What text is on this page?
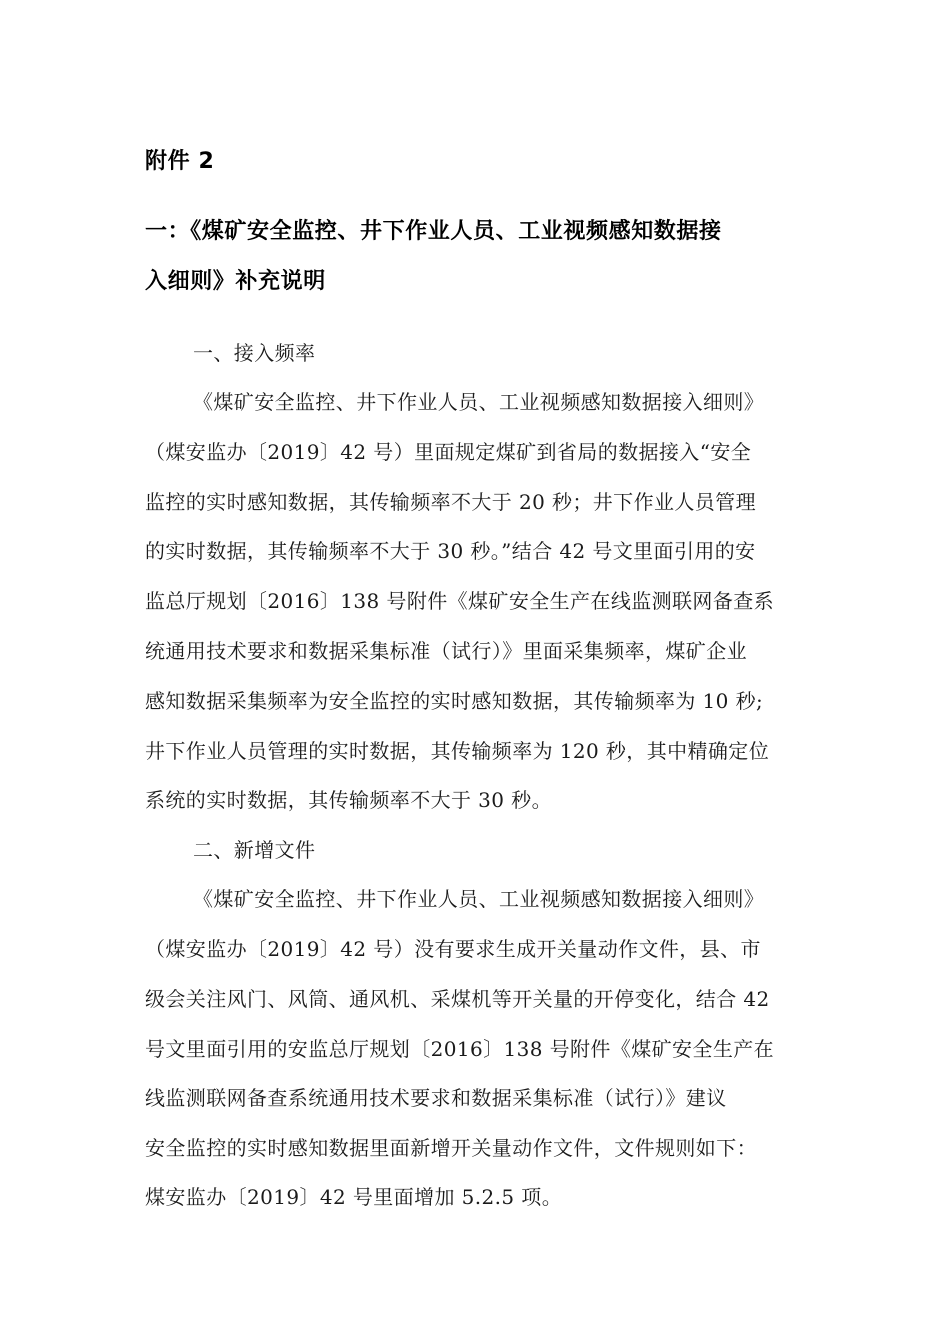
附件 2
一：《煤矿安全监控、井下作业人员、工业视频感知数据接
入细则》补充说明
一、接入频率
《煤矿安全监控、井下作业人员、工业视频感知数据接入细则》
（煤安监办〔2019〕42 号）里面规定煤矿到省局的数据接入“安全
监控的实时感知数据，其传输频率不大于 20 秒；井下作业人员管理
的实时数据，其传输频率不大于 30 秒。”结合 42 号文里面引用的安
监总厅规划〔2016〕138 号附件《煤矿安全生产在线监测联网备查系
统通用技术要求和数据采集标准（试行）》里面采集频率，煤矿企业
感知数据采集频率为安全监控的实时感知数据，其传输频率为 10 秒;
井下作业人员管理的实时数据，其传输频率为 120 秒，其中精确定位
系统的实时数据，其传输频率不大于 30 秒。
二、新增文件
《煤矿安全监控、井下作业人员、工业视频感知数据接入细则》
（煤安监办〔2019〕42 号）没有要求生成开关量动作文件，县、市
级会关注风门、风筒、通风机、采煤机等开关量的开停变化，结合 42
号文里面引用的安监总厅规划〔2016〕138 号附件《煤矿安全生产在
线监测联网备查系统通用技术要求和数据采集标准（试行）》建议
安全监控的实时感知数据里面新增开关量动作文件，文件规则如下：
煤安监办〔2019〕42 号里面增加 5.2.5 项。
